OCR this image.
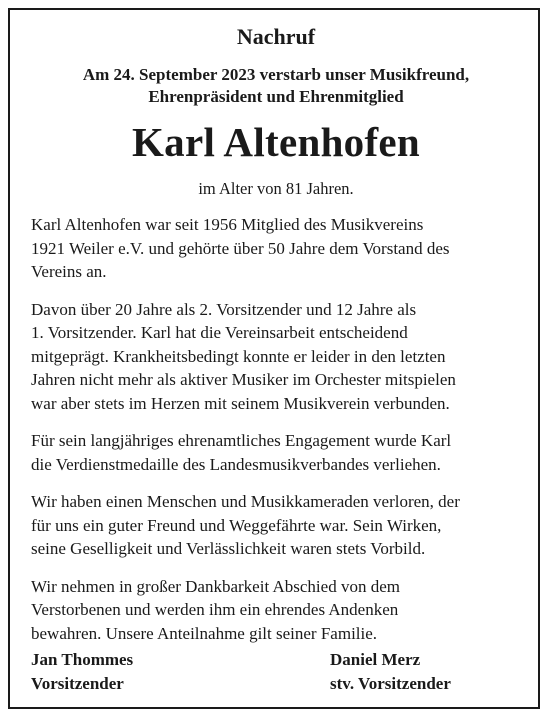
Nachruf
Am 24. September 2023 verstarb unser Musikfreund,
Ehrenpräsident und Ehrenmitglied
Karl Altenhofen
im Alter von 81 Jahren.
Karl Altenhofen war seit 1956 Mitglied des Musikvereins
1921 Weiler e.V. und gehörte über 50 Jahre dem Vorstand des
Vereins an.
Davon über 20 Jahre als 2. Vorsitzender und 12 Jahre als
1. Vorsitzender. Karl hat die Vereinsarbeit entscheidend
mitgeprägt. Krankheitsbedingt konnte er leider in den letzten
Jahren nicht mehr als aktiver Musiker im Orchester mitspielen
war aber stets im Herzen mit seinem Musikverein verbunden.
Für sein langjähriges ehrenamtliches Engagement wurde Karl
die Verdienstmedaille des Landesmusikverbandes verliehen.
Wir haben einen Menschen und Musikkameraden verloren, der
für uns ein guter Freund und Weggefährte war. Sein Wirken,
seine Geselligkeit und Verlässlichkeit waren stets Vorbild.
Wir nehmen in großer Dankbarkeit Abschied von dem
Verstorbenen und werden ihm ein ehrendes Andenken
bewahren. Unsere Anteilnahme gilt seiner Familie.
Jan Thommes
Vorsitzender
Daniel Merz
stv. Vorsitzender
